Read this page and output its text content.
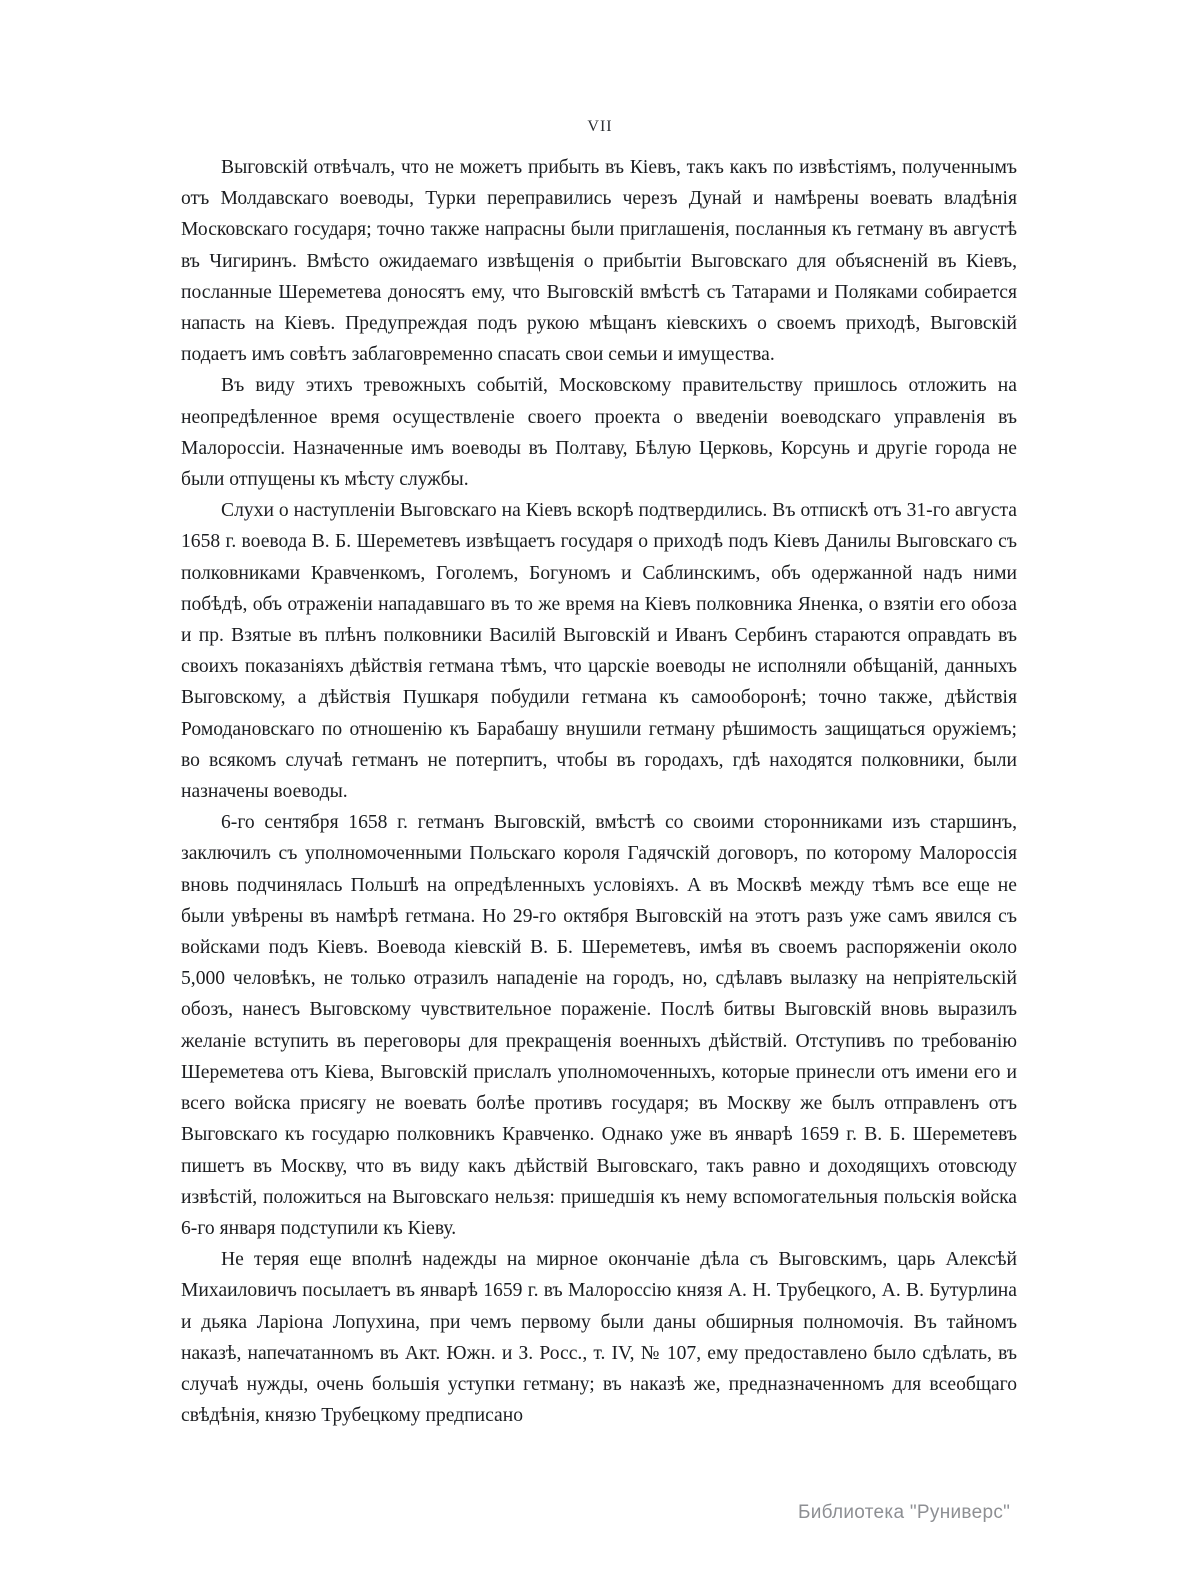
VII

Выговскій отвѣчалъ, что не можетъ прибыть въ Кіевъ, такъ какъ по извѣстіямъ, полученнымъ отъ Молдавскаго воеводы, Турки переправились черезъ Дунай и намѣрены воевать владѣнія Московскаго государя; точно также напрасны были приглашенія, посланныя къ гетману въ августѣ въ Чигиринъ. Вмѣсто ожидаемаго извѣщенія о прибытіи Выговскаго для объясненій въ Кіевъ, посланные Шереметева доносятъ ему, что Выговскій вмѣстѣ съ Татарами и Поляками собирается напасть на Кіевъ. Предупреждая подъ рукою мѣщанъ кіевскихъ о своемъ приходѣ, Выговскій подаетъ имъ совѣтъ заблаговременно спасать свои семьи и имущества.

Въ виду этихъ тревожныхъ событій, Московскому правительству пришлось отложить на неопредѣленное время осуществленіе своего проекта о введеніи воеводскаго управленія въ Малороссіи. Назначенные имъ воеводы въ Полтаву, Бѣлую Церковь, Корсунь и другіе города не были отпущены къ мѣсту службы.

Слухи о наступленіи Выговскаго на Кіевъ вскорѣ подтвердились. Въ отпискѣ отъ 31-го августа 1658 г. воевода В. Б. Шереметевъ извѣщаетъ государя о приходѣ подъ Кіевъ Данилы Выговскаго съ полковниками Кравченкомъ, Гоголемъ, Богуномъ и Саблинскимъ, объ одержанной надъ ними побѣдѣ, объ отраженіи нападавшаго въ то же время на Кіевъ полковника Яненка, о взятіи его обоза и пр. Взятые въ плѣнъ полковники Василій Выговскій и Иванъ Сербинъ стараются оправдать въ своихъ показаніяхъ дѣйствія гетмана тѣмъ, что царскіе воеводы не исполняли обѣщаній, данныхъ Выговскому, а дѣйствія Пушкаря побудили гетмана къ самооборонѣ; точно также, дѣйствія Ромодановскаго по отношенію къ Барабашу внушили гетману рѣшимость защищаться оружіемъ; во всякомъ случаѣ гетманъ не потерпитъ, чтобы въ городахъ, гдѣ находятся полковники, были назначены воеводы.

6-го сентября 1658 г. гетманъ Выговскій, вмѣстѣ со своими сторонниками изъ старшинъ, заключилъ съ уполномоченными Польскаго короля Гадячскій договоръ, по которому Малороссія вновь подчинялась Польшѣ на опредѣленныхъ условіяхъ. А въ Москвѣ между тѣмъ все еще не были увѣрены въ намѣрѣ гетмана. Но 29-го октября Выговскій на этотъ разъ уже самъ явился съ войсками подъ Кіевъ. Воевода кіевскій В. Б. Шереметевъ, имѣя въ своемъ распоряженіи около 5,000 человѣкъ, не только отразилъ нападеніе на городъ, но, сдѣлавъ вылазку на непріятельскій обозъ, нанесъ Выговскому чувствительное пораженіе. Послѣ битвы Выговскій вновь выразилъ желаніе вступить въ переговоры для прекращенія военныхъ дѣйствій. Отступивъ по требованію Шереметева отъ Кіева, Выговскій прислалъ уполномоченныхъ, которые принесли отъ имени его и всего войска присягу не воевать болѣе противъ государя; въ Москву же былъ отправленъ отъ Выговскаго къ государю полковникъ Кравченко. Однако уже въ январѣ 1659 г. В. Б. Шереметевъ пишетъ въ Москву, что въ виду какъ дѣйствій Выговскаго, такъ равно и доходящихъ отовсюду извѣстій, положиться на Выговскаго нельзя: пришедшія къ нему вспомогательныя польскія войска 6-го января подступили къ Кіеву.

Не теряя еще вполнѣ надежды на мирное окончаніе дѣла съ Выговскимъ, царь Алексѣй Михаиловичъ посылаетъ въ январѣ 1659 г. въ Малороссію князя А. Н. Трубецкого, А. В. Бутурлина и дьяка Ларіона Лопухина, при чемъ первому были даны обширныя полномочія. Въ тайномъ наказѣ, напечатанномъ въ Акт. Южн. и З. Росс., т. IV, № 107, ему предоставлено было сдѣлать, въ случаѣ нужды, очень большія уступки гетману; въ наказѣ же, предназначенномъ для всеобщаго свѣдѣнія, князю Трубецкому предписано

Библиотека "Руниверс"
